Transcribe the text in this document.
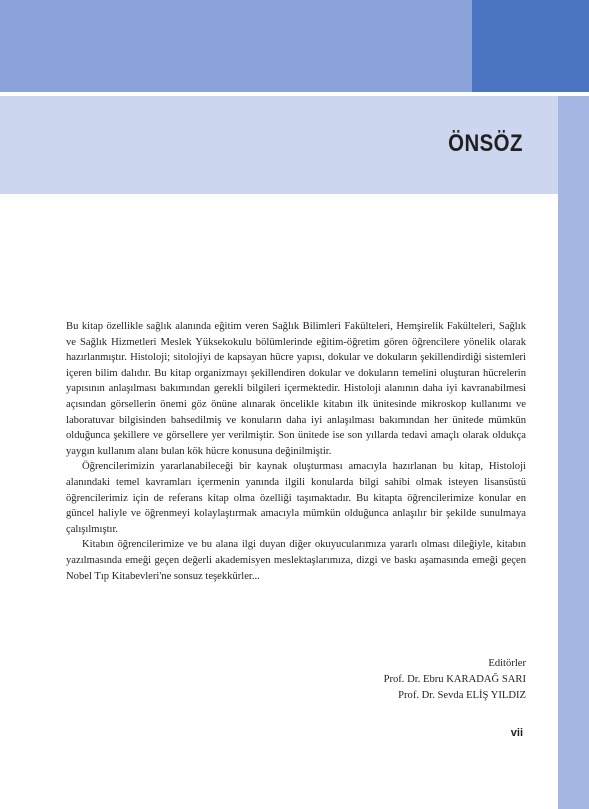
ÖNSÖZ

Bu kitap özellikle sağlık alanında eğitim veren Sağlık Bilimleri Fakülteleri, Hemşirelik Fakülteleri, Sağlık ve Sağlık Hizmetleri Meslek Yüksekokulu bölümlerinde eğitim-öğretim gören öğrencilere yönelik olarak hazırlanmıştır. Histoloji; sitolojiyi de kapsayan hücre yapısı, dokular ve dokuların şekillendirdiği sistemleri içeren bilim dalıdır. Bu kitap organizmayı şekillendiren dokular ve dokuların temelini oluşturan hücrelerin yapısının anlaşılması bakımından gerekli bilgileri içermektedir. Histoloji alanının daha iyi kavranabilmesi açısından görsellerin önemi göz önüne alınarak öncelikle kitabın ilk ünitesinde mikroskop kullanımı ve laboratuvar bilgisinden bahsedilmiş ve konuların daha iyi anlaşılması bakımından her ünitede mümkün olduğunca şekillere ve görsellere yer verilmiştir. Son ünitede ise son yıllarda tedavi amaçlı olarak oldukça yaygın kullanım alanı bulan kök hücre konusuna değinilmiştir.

Öğrencilerimizin yararlanabileceği bir kaynak oluşturması amacıyla hazırlanan bu kitap, Histoloji alanındaki temel kavramları içermenin yanında ilgili konularda bilgi sahibi olmak isteyen lisansüstü öğrencilerimiz için de referans kitap olma özelliği taşımaktadır. Bu kitapta öğrencilerimize konular en güncel haliyle ve öğrenmeyi kolaylaştırmak amacıyla mümkün olduğunca anlaşılır bir şekilde sunulmaya çalışılmıştır.

Kitabın öğrencilerimize ve bu alana ilgi duyan diğer okuyucularımıza yararlı olması dileğiyle, kitabın yazılmasında emeği geçen değerli akademisyen meslektaşlarımıza, dizgi ve baskı aşamasında emeği geçen Nobel Tıp Kitabevleri'ne sonsuz teşekkürler...

Editörler
Prof. Dr. Ebru KARADAĞ SARI
Prof. Dr. Sevda ELİŞ YILDIZ
vii
